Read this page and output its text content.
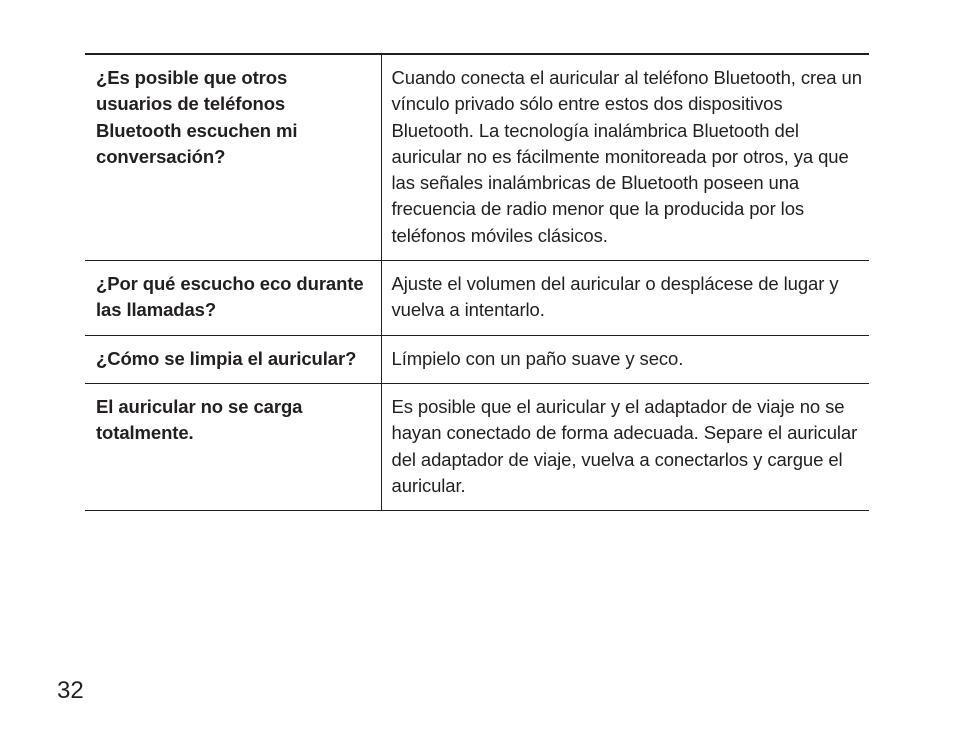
¿Es posible que otros usuarios de teléfonos Bluetooth escuchen mi conversación?	Cuando conecta el auricular al teléfono Bluetooth, crea un vínculo privado sólo entre estos dos dispositivos Bluetooth. La tecnología inalámbrica Bluetooth del auricular no es fácilmente monitoreada por otros, ya que las señales inalámbricas de Bluetooth poseen una frecuencia de radio menor que la producida por los teléfonos móviles clásicos.
¿Por qué escucho eco durante las llamadas?	Ajuste el volumen del auricular o desplácese de lugar y vuelva a intentarlo.
¿Cómo se limpia el auricular?	Límpielo con un paño suave y seco.
El auricular no se carga totalmente.	Es posible que el auricular y el adaptador de viaje no se hayan conectado de forma adecuada. Separe el auricular del adaptador de viaje, vuelva a conectarlos y cargue el auricular.
32
